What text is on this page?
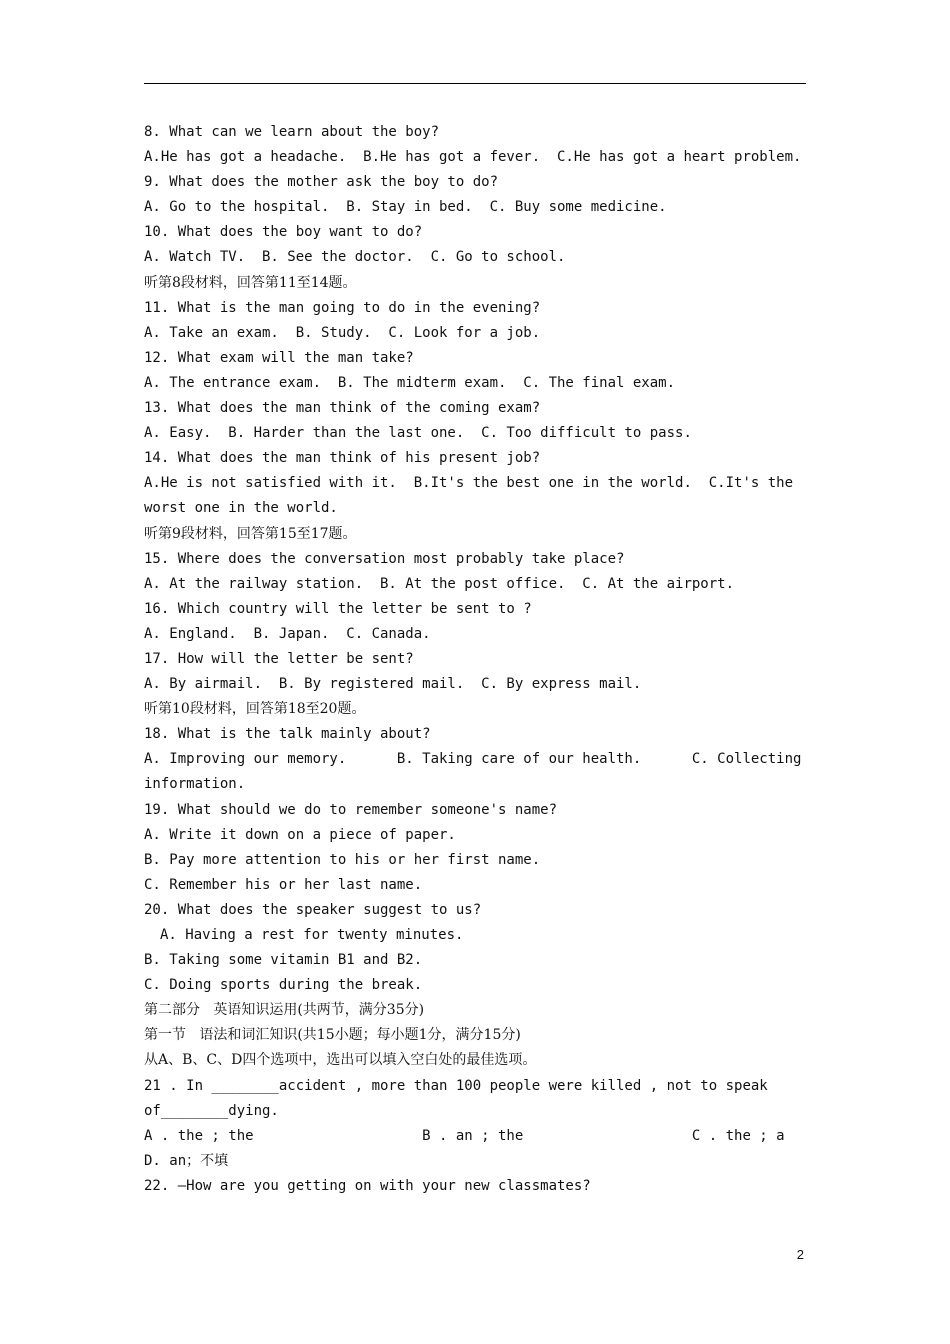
8. What can we learn about the boy?
A.He has got a headache.  B.He has got a fever.  C.He has got a heart problem.
9. What does the mother ask the boy to do?
A. Go to the hospital.  B. Stay in bed.  C. Buy some medicine.
10. What does the boy want to do?
A. Watch TV.  B. See the doctor.  C. Go to school.
听第8段材料，回答第11至14题。
11. What is the man going to do in the evening?
A. Take an exam.  B. Study.  C. Look for a job.
12. What exam will the man take?
A. The entrance exam.  B. The midterm exam.  C. The final exam.
13. What does the man think of the coming exam?
A. Easy.  B. Harder than the last one.  C. Too difficult to pass.
14. What does the man think of his present job?
A.He is not satisfied with it.  B.It's the best one in the world.  C.It's the
worst one in the world.
听第9段材料，回答第15至17题。
15. Where does the conversation most probably take place?
A. At the railway station.  B. At the post office.  C. At the airport.
16. Which country will the letter be sent to ?
A. England.  B. Japan.  C. Canada.
17. How will the letter be sent?
A. By airmail.  B. By registered mail.  C. By express mail.
听第10段材料，回答第18至20题。
18. What is the talk mainly about?
A. Improving our memory.      B. Taking care of our health.      C. Collecting
information.
19. What should we do to remember someone's name?
A. Write it down on a piece of paper.
B. Pay more attention to his or her first name.
C. Remember his or her last name.
20. What does the speaker suggest to us?
A. Having a rest for twenty minutes.
B. Taking some vitamin B1 and B2.
C. Doing sports during the break.
第二部分   英语知识运用(共两节，满分35分)
第一节   语法和词汇知识(共15小题；每小题1分，满分15分)
从A、B、C、D四个选项中，选出可以填入空白处的最佳选项。
21 . In ________accident , more than 100 people were killed , not to speak
of________dying.
A . the ; the                    B . an ; the                    C . the ; a
D. an；不填
22. —How are you getting on with your new classmates?
2
